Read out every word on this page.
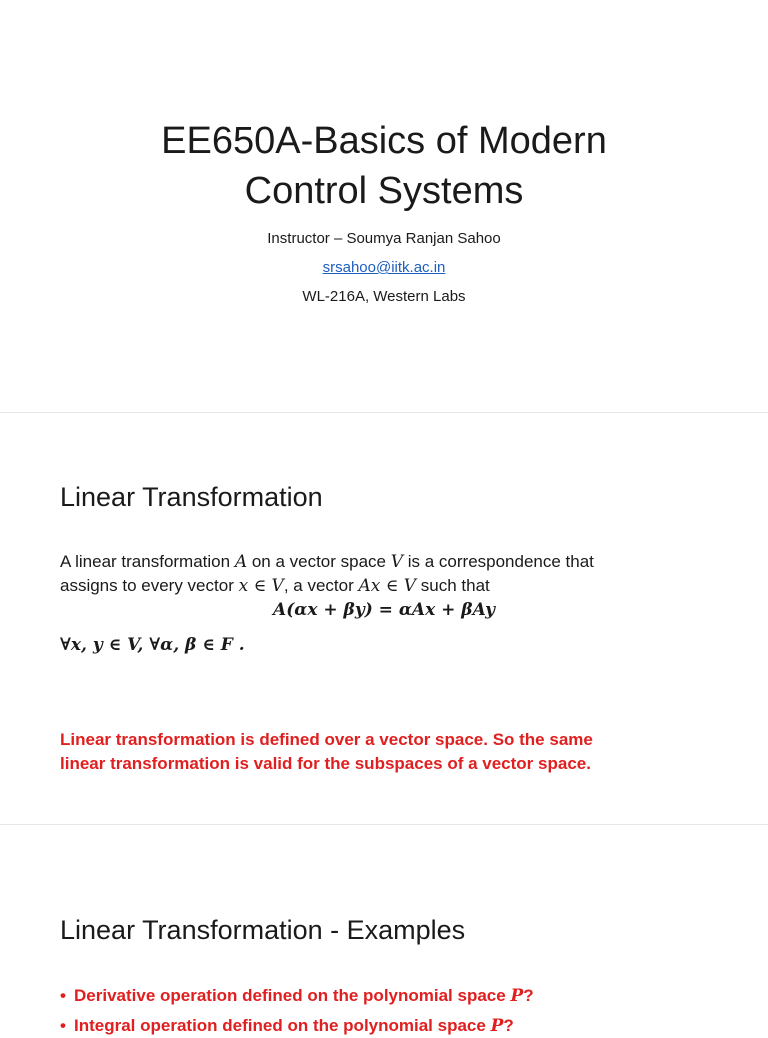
EE650A-Basics of Modern
Control Systems
Instructor – Soumya Ranjan Sahoo
srsahoo@iitk.ac.in
WL-216A, Western Labs
Linear Transformation
A linear transformation A on a vector space V is a correspondence that
assigns to every vector x ∈ V, a vector Ax ∈ V such that
A(αx + βy) = αAx + βAy
∀x, y ∈ V, ∀α, β ∈ F .
Linear transformation is defined over a vector space. So the same
linear transformation is valid for the subspaces of a vector space.
Linear Transformation - Examples
• Derivative operation defined on the polynomial space P?
• Integral operation defined on the polynomial space P?
